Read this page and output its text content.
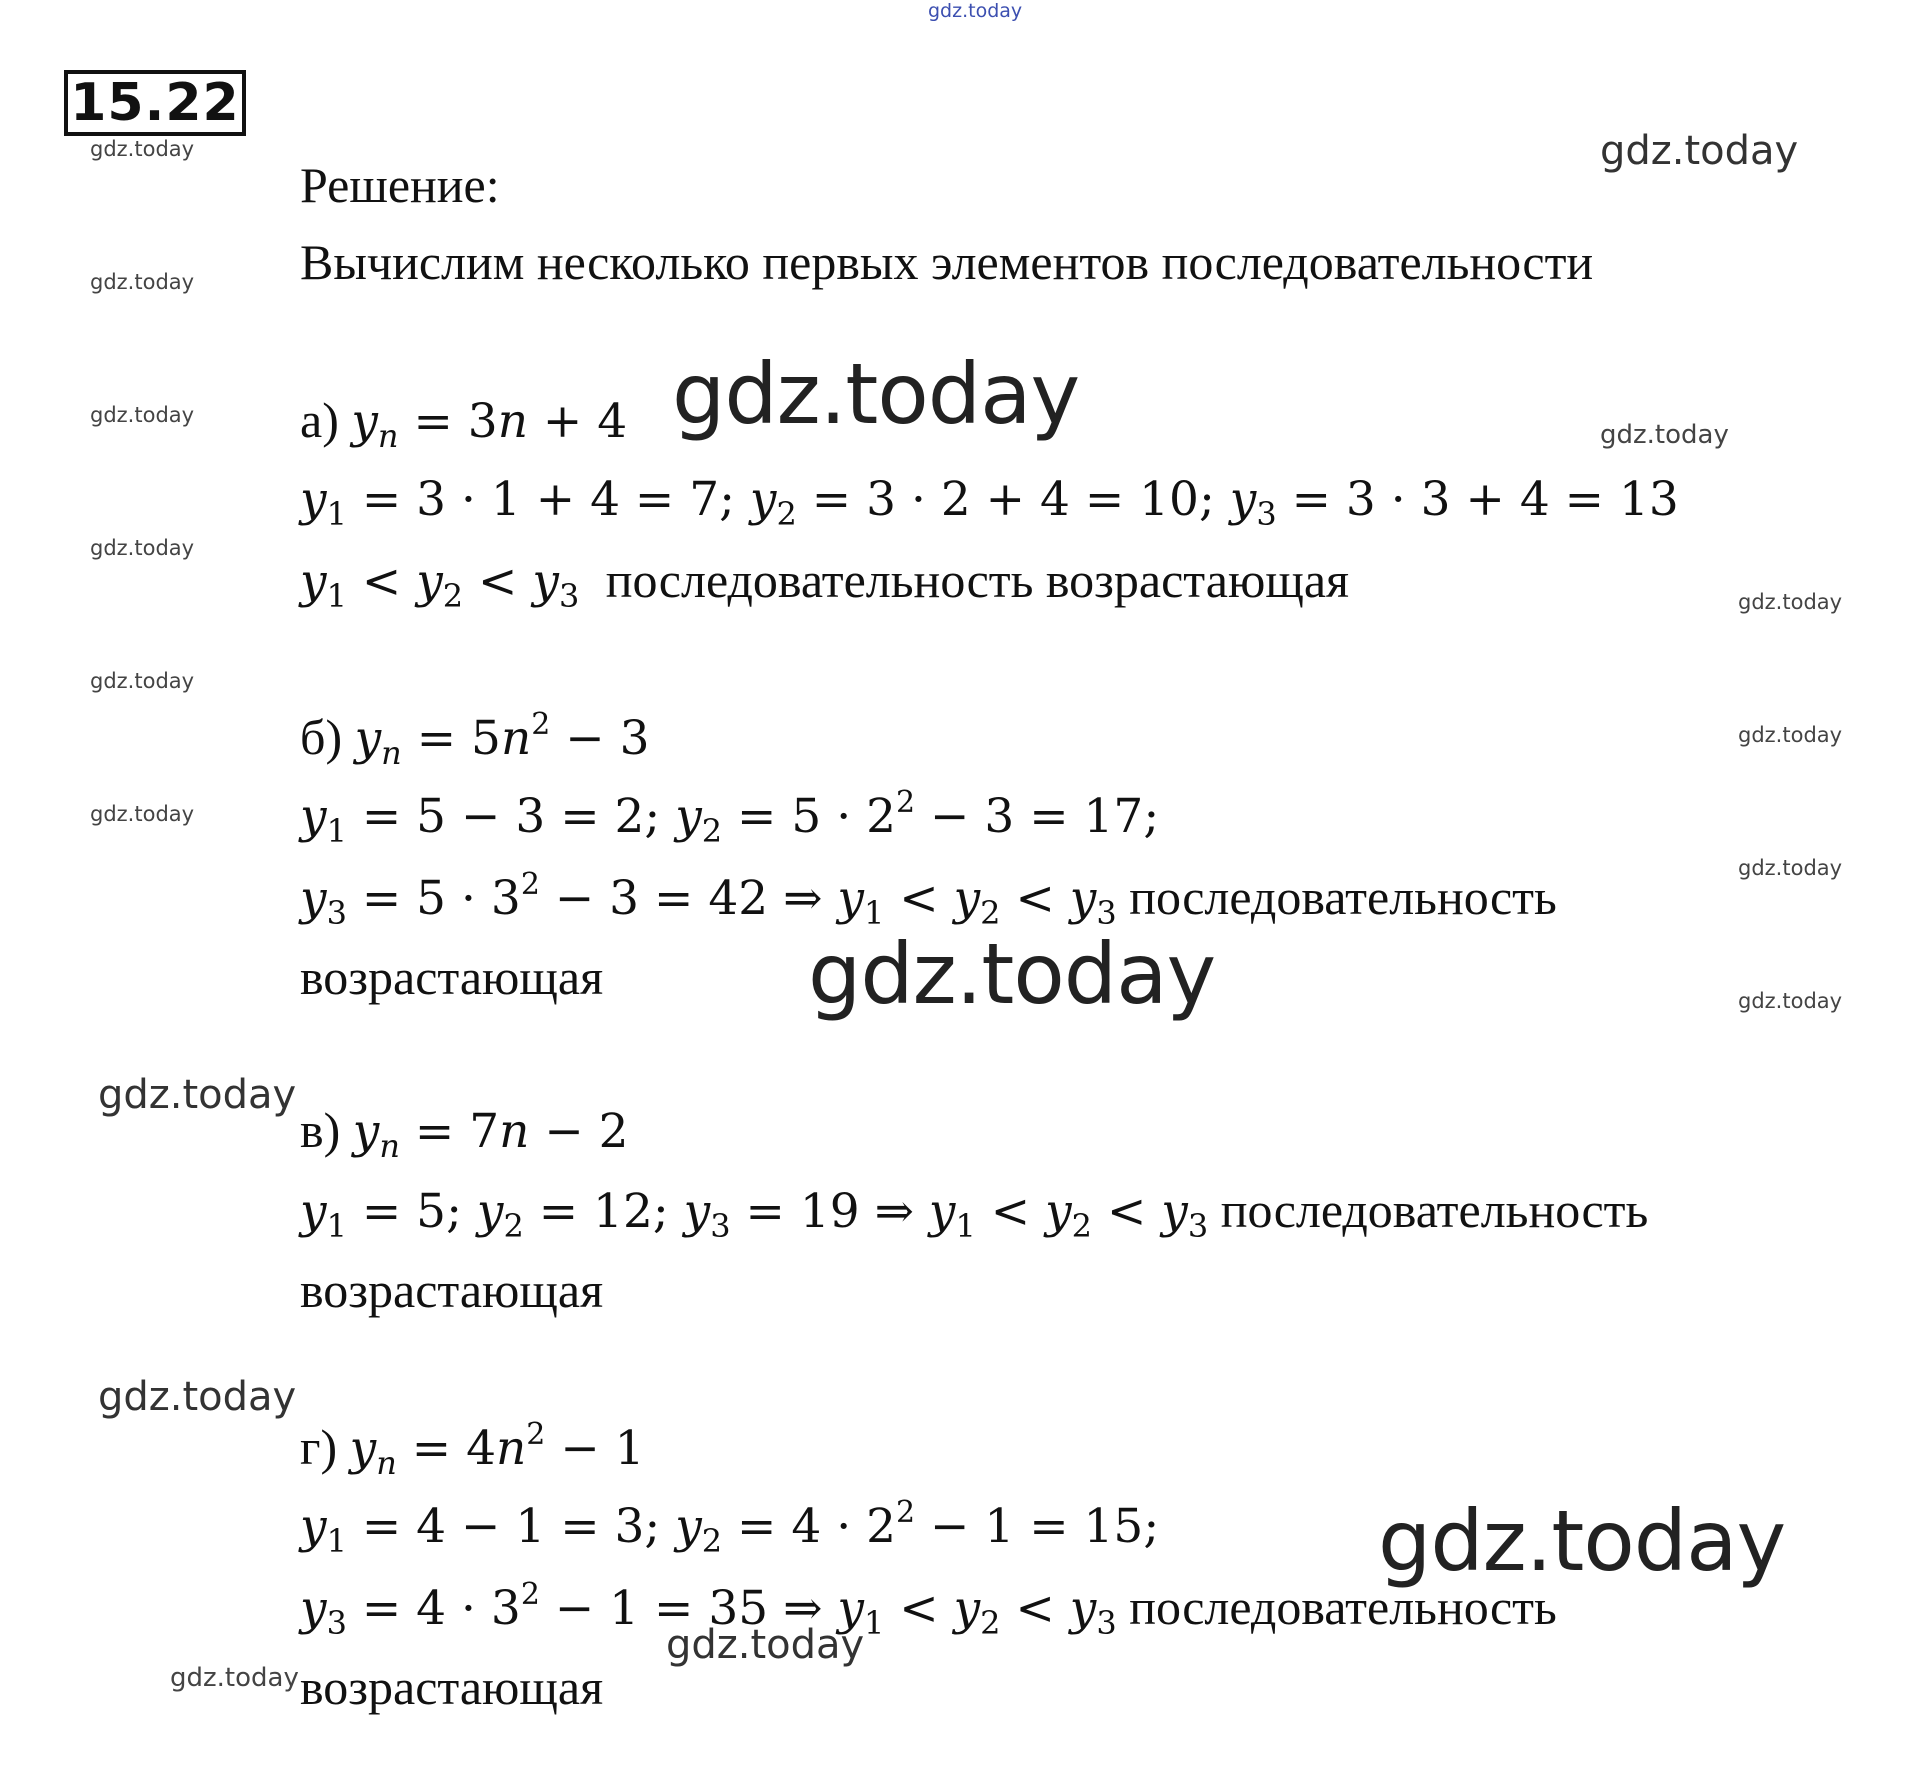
gdz.today
gdz.today
gdz.today
gdz.today
gdz.today
gdz.today
gdz.today
gdz.today
gdz.today	gdz.today
gdz.today
gdz.today
gdz.today
gdz.today	gdz.today
gdz.today
gdz.today
gdz.today
gdz.today
gdz.today
15.22
Решение:
Вычислим несколько первых элементов последовательности
а) $y_n = 3n + 4$
$y_1 = 3 \cdot 1 + 4 = 7$; $y_2 = 3 \cdot 2 + 4 = 10$; $y_3 = 3 \cdot 3 + 4 = 13$
$y_1 < y_2 < y_3$ последовательность возрастающая
б) $y_n = 5n^2 - 3$
$y_1 = 5 - 3 = 2$; $y_2 = 5 \cdot 2^2 - 3 = 17$;
$y_3 = 5 \cdot 3^2 - 3 = 42$ ⇒ $y_1 < y_2 < y_3$ последовательность
возрастающая
в) $y_n = 7n - 2$
$y_1 = 5$; $y_2 = 12$; $y_3 = 19$ ⇒ $y_1 < y_2 < y_3$ последовательность
возрастающая
г) $y_n = 4n^2 - 1$
$y_1 = 4 - 1 = 3$; $y_2 = 4 \cdot 2^2 - 1 = 15$;
$y_3 = 4 \cdot 3^2 - 1 = 35$ ⇒ $y_1 < y_2 < y_3$ последовательность
возрастающая
